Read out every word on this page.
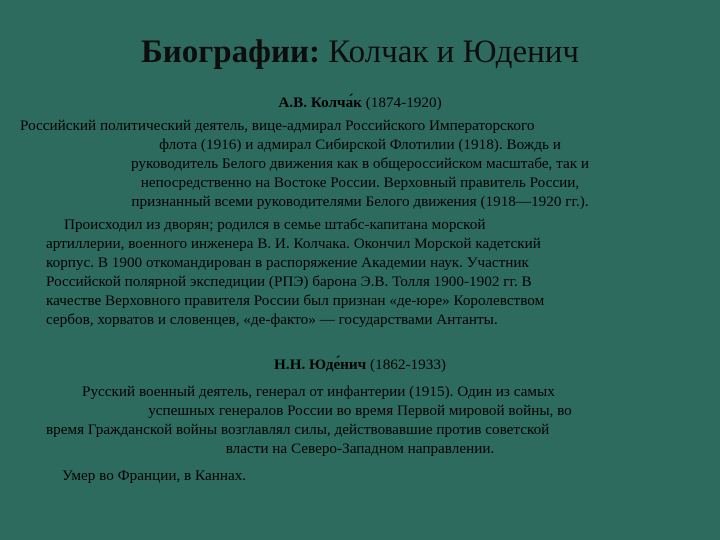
Биографии: Колчак и Юденич
А.В. Колча́к (1874-1920)
Российский политический деятель, вице-адмирал Российского Императорского
флота (1916) и адмирал Сибирской Флотилии (1918). Вождь и
руководитель Белого движения как в общероссийском масштабе, так и
непосредственно на Востоке России. Верховный правитель России,
признанный всеми руководителями Белого движения (1918—1920 гг.).
Происходил из дворян; родился в семье штабс-капитана морской
артиллерии, военного инженера В. И. Колчака. Окончил Морской кадетский
корпус. В 1900 откомандирован в распоряжение Академии наук. Участник
Российской полярной экспедиции (РПЭ) барона Э.В. Толля 1900-1902 гг. В
качестве Верховного правителя России был признан «де-юре» Королевством
сербов, хорватов и словенцев, «де-факто» — государствами Антанты.
Н.Н. Юде́нич (1862-1933)
Русский военный деятель, генерал от инфантерии (1915). Один из самых
успешных генералов России во время Первой мировой войны, во
время Гражданской войны возглавлял силы, действовавшие против советской
власти на Северо-Западном направлении.
Умер во Франции, в Каннах.
